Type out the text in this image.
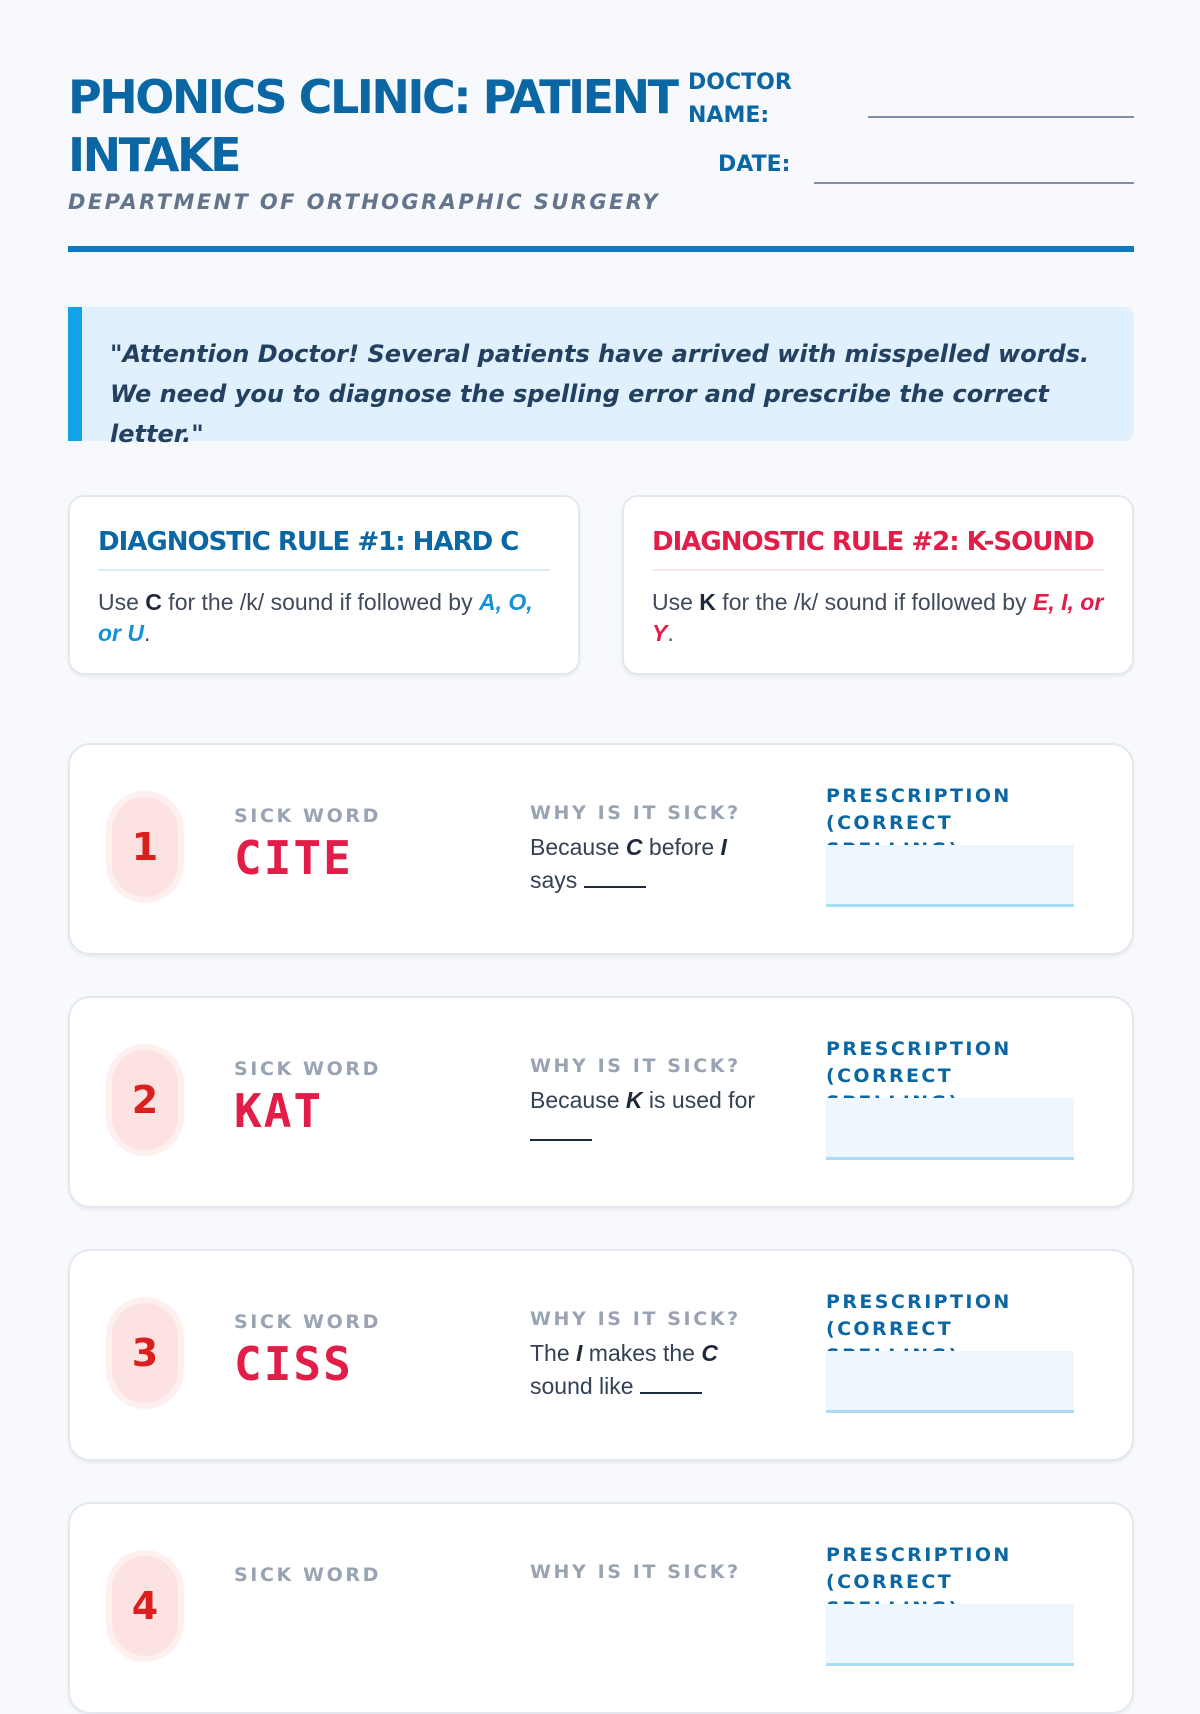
PHONICS CLINIC: PATIENT INTAKE
DEPARTMENT OF ORTHOGRAPHIC SURGERY
DOCTOR NAME:
DATE:

"Attention Doctor! Several patients have arrived with misspelled words. We need you to diagnose the spelling error and prescribe the correct letter."

DIAGNOSTIC RULE #1: HARD C
Use C for the /k/ sound if followed by A, O, or U.
DIAGNOSTIC RULE #2: K-SOUND
Use K for the /k/ sound if followed by E, I, or Y.
1
SICK WORD
CITE
WHY IS IT SICK?
Because C before I
says
PRESCRIPTION (CORRECT
2
SICK WORD
KAT
WHY IS IT SICK?
Because K is used for

PRESCRIPTION (CORRECT
3
SICK WORD
CISS
WHY IS IT SICK?
The I makes the C
sound like
PRESCRIPTION (CORRECT
4
SICK WORD	WHY IS IT SICK?
PRESCRIPTION (CORRECT
